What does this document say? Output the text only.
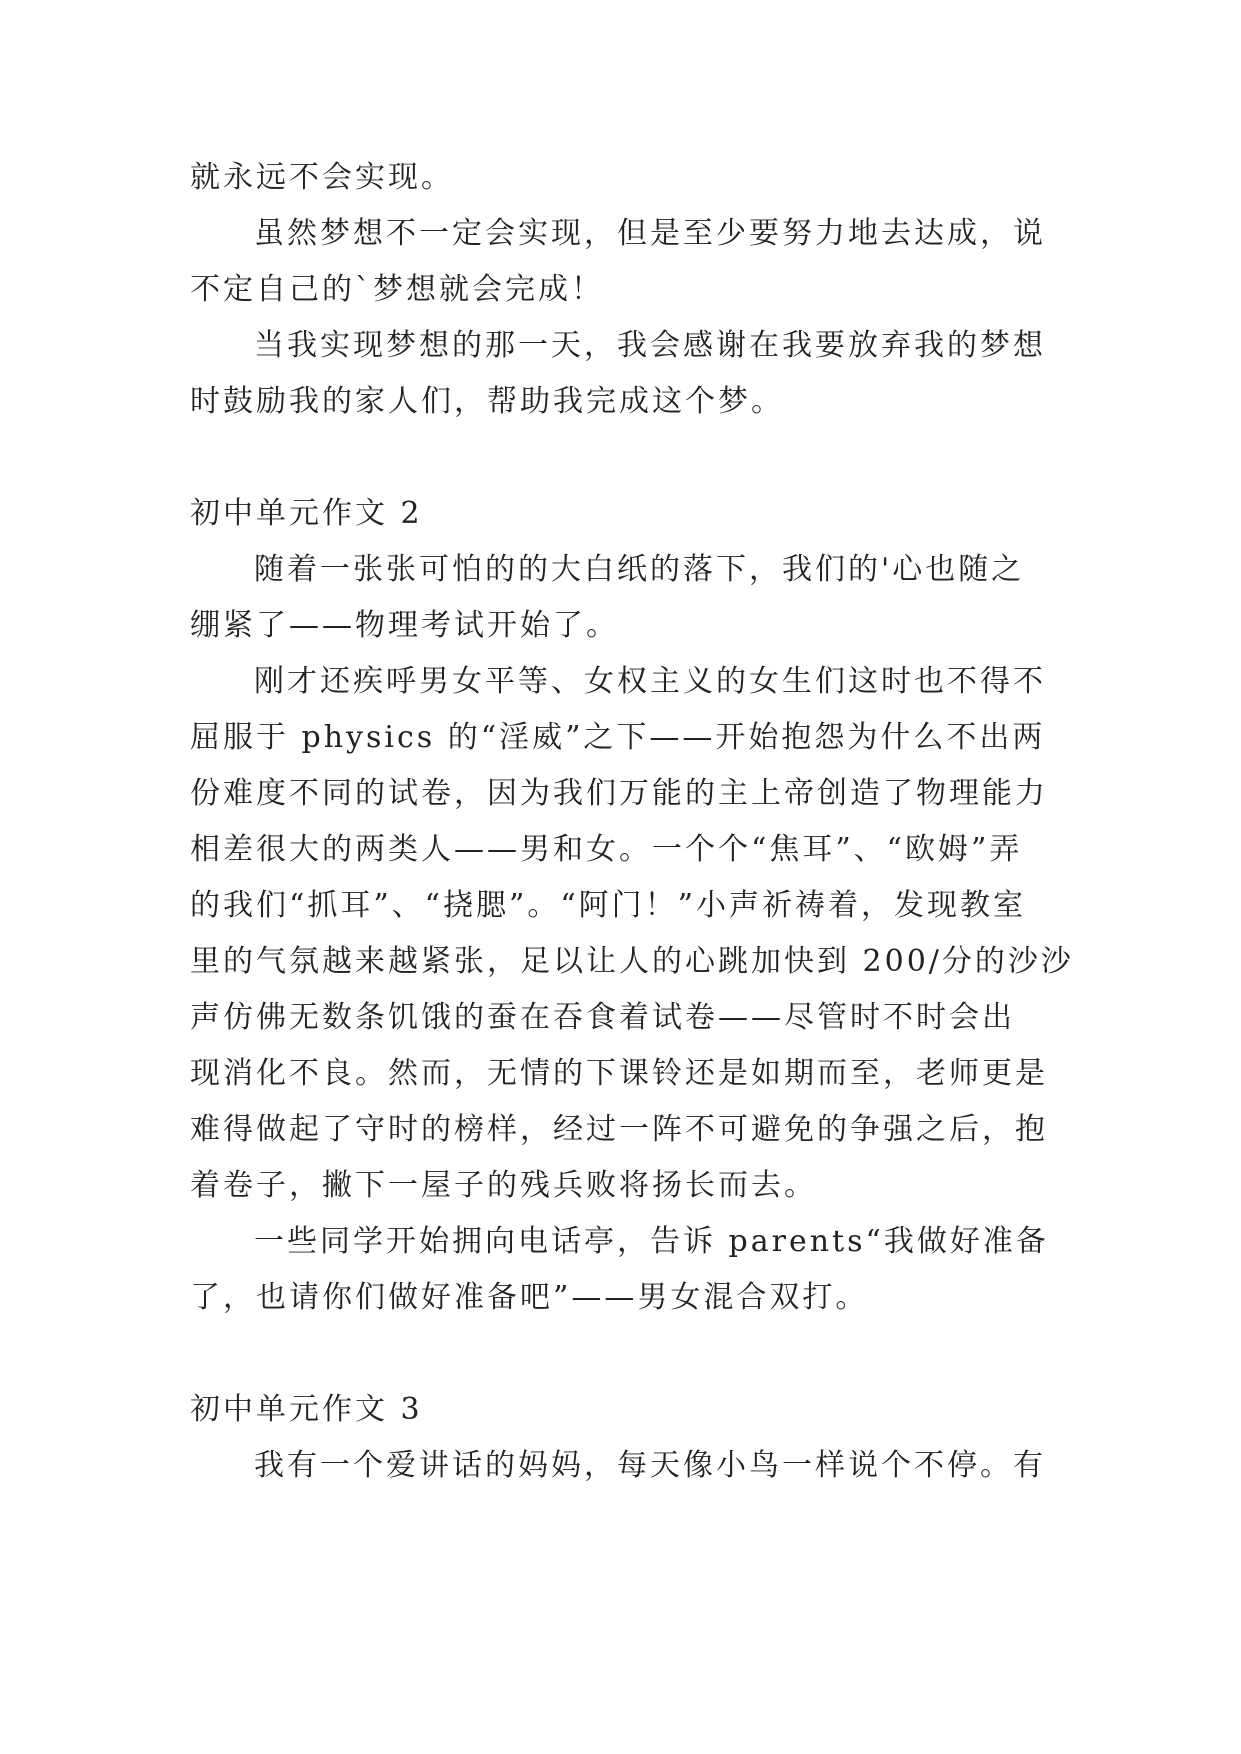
就永远不会实现。

虽然梦想不一定会实现，但是至少要努力地去达成，说
不定自己的`梦想就会完成！

当我实现梦想的那一天，我会感谢在我要放弃我的梦想
时鼓励我的家人们，帮助我完成这个梦。

初中单元作文 2

随着一张张可怕的的大白纸的落下，我们的'心也随之
绷紧了——物理考试开始了。

刚才还疾呼男女平等、女权主义的女生们这时也不得不
屈服于 physics 的“淫威”之下——开始抱怨为什么不出两
份难度不同的试卷，因为我们万能的主上帝创造了物理能力
相差很大的两类人——男和女。一个个“焦耳”、“欧姆”弄
的我们“抓耳”、“挠腮”。“阿门！”小声祈祷着，发现教室
里的气氛越来越紧张，足以让人的心跳加快到 200/分的沙沙
声仿佛无数条饥饿的蚕在吞食着试卷——尽管时不时会出
现消化不良。然而，无情的下课铃还是如期而至，老师更是
难得做起了守时的榜样，经过一阵不可避免的争强之后，抱
着卷子，撇下一屋子的残兵败将扬长而去。

一些同学开始拥向电话亭，告诉 parents“我做好准备
了，也请你们做好准备吧”——男女混合双打。

初中单元作文 3

我有一个爱讲话的妈妈，每天像小鸟一样说个不停。有
